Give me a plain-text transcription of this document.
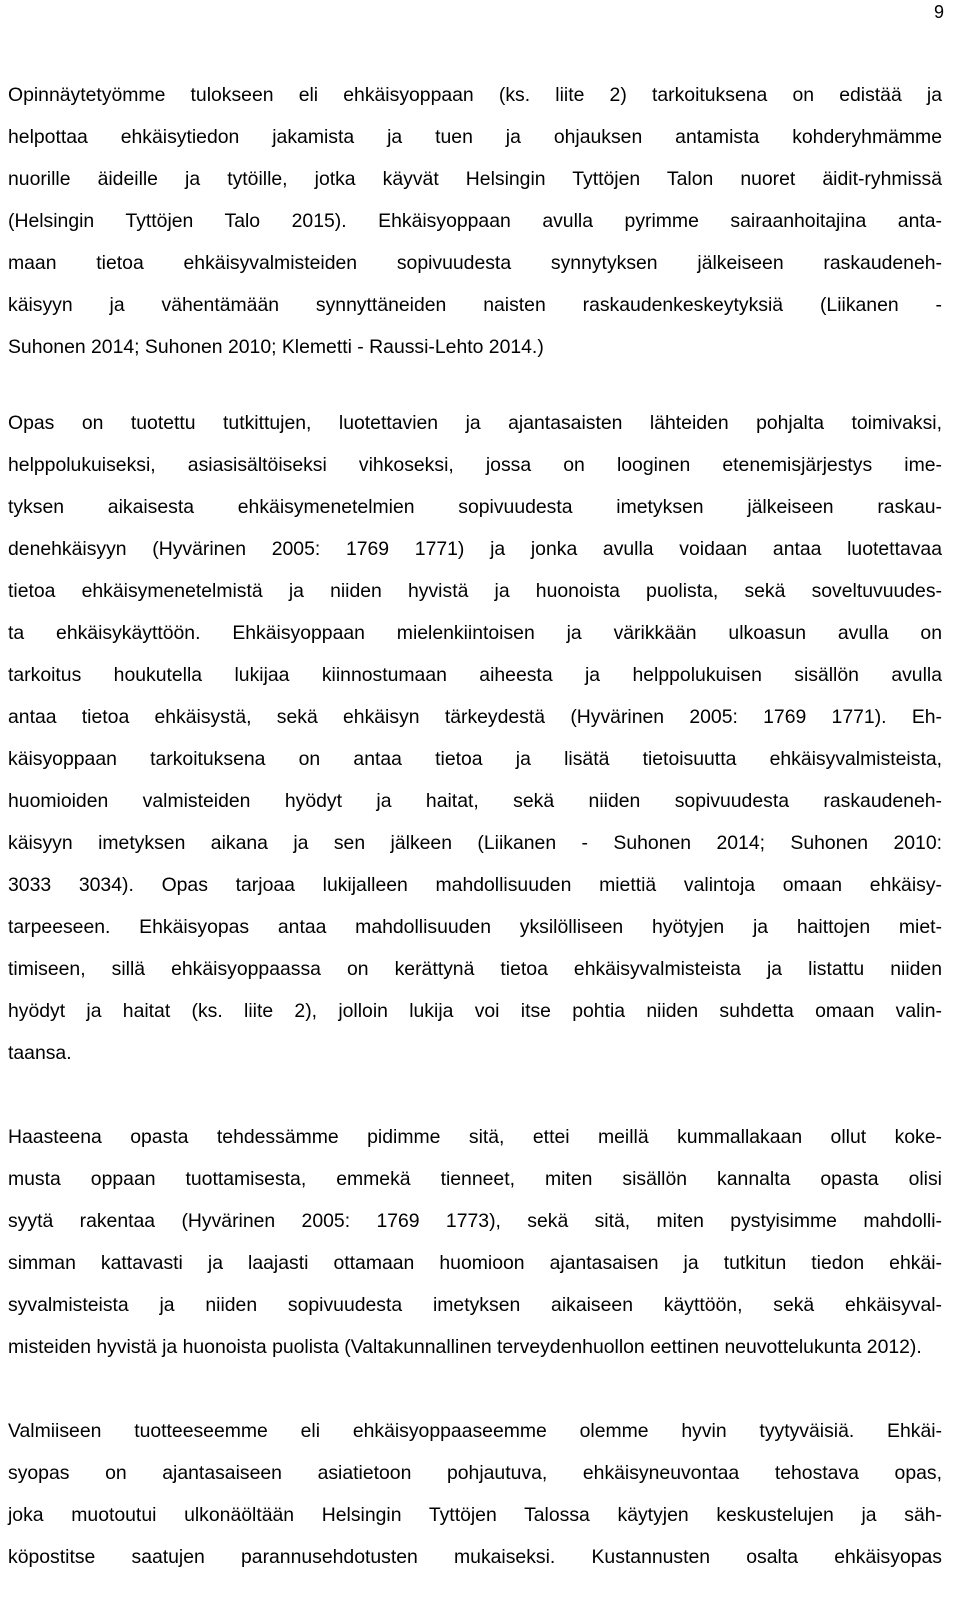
9
Opinnäytetyömme tulokseen eli ehkäisyoppaan (ks. liite 2) tarkoituksena on edistää ja
helpottaa ehkäisytiedon jakamista ja tuen ja ohjauksen antamista kohderyhmämme
nuorille äideille ja tytöille, jotka käyvät Helsingin Tyttöjen Talon nuoret äidit-ryhmissä
(Helsingin Tyttöjen Talo 2015). Ehkäisyoppaan avulla pyrimme sairaanhoitajina anta-
maan tietoa ehkäisyvalmisteiden sopivuudesta synnytyksen jälkeiseen raskaudeneh-
käisyyn ja vähentämään synnyttäneiden naisten raskaudenkeskeytyksiä (Liikanen -
Suhonen 2014; Suhonen 2010; Klemetti - Raussi-Lehto 2014.)
Opas on tuotettu tutkittujen, luotettavien ja ajantasaisten lähteiden pohjalta toimivaksi,
helppolukuiseksi, asiasisältöiseksi vihkoseksi, jossa on looginen etenemisjärjestys ime-
tyksen aikaisesta ehkäisymenetelmien sopivuudesta imetyksen jälkeiseen raskau-
denehkäisyyn (Hyvärinen 2005: 1769 1771) ja jonka avulla voidaan antaa luotettavaa
tietoa ehkäisymenetelmistä ja niiden hyvistä ja huonoista puolista, sekä soveltuvuudes-
ta ehkäisykäyttöön. Ehkäisyoppaan mielenkiintoisen ja värikkään ulkoasun avulla on
tarkoitus houkutella lukijaa kiinnostumaan aiheesta ja helppolukuisen sisällön avulla
antaa tietoa ehkäisystä, sekä ehkäisyn tärkeydestä (Hyvärinen 2005: 1769 1771). Eh-
käisyoppaan tarkoituksena on antaa tietoa ja lisätä tietoisuutta ehkäisyvalmisteista,
huomioiden valmisteiden hyödyt ja haitat, sekä niiden sopivuudesta raskaudeneh-
käisyyn imetyksen aikana ja sen jälkeen (Liikanen - Suhonen 2014; Suhonen 2010:
3033 3034). Opas tarjoaa lukijalleen mahdollisuuden miettiä valintoja omaan ehkäisy-
tarpeeseen. Ehkäisyopas antaa mahdollisuuden yksilölliseen hyötyjen ja haittojen miet-
timiseen, sillä ehkäisyoppaassa on kerättynä tietoa ehkäisyvalmisteista ja listattu niiden
hyödyt ja haitat (ks. liite 2), jolloin lukija voi itse pohtia niiden suhdetta omaan valin-
taansa.
Haasteena opasta tehdessämme pidimme sitä, ettei meillä kummallakaan ollut koke-
musta oppaan tuottamisesta, emmekä tienneet, miten sisällön kannalta opasta olisi
syytä rakentaa (Hyvärinen 2005: 1769 1773), sekä sitä, miten pystyisimme mahdolli-
simman kattavasti ja laajasti ottamaan huomioon ajantasaisen ja tutkitun tiedon ehkäi-
syvalmisteista ja niiden sopivuudesta imetyksen aikaiseen käyttöön, sekä ehkäisyval-
misteiden hyvistä ja huonoista puolista (Valtakunnallinen terveydenhuollon eettinen neuvottelukunta 2012).
Valmiiseen tuotteeseemme eli ehkäisyoppaaseemme olemme hyvin tyytyväisiä. Ehkäi-
syopas on ajantasaiseen asiatietoon pohjautuva, ehkäisyneuvontaa tehostava opas,
joka muotoutui ulkonäöltään Helsingin Tyttöjen Talossa käytyjen keskustelujen ja säh-
köpostitse saatujen parannusehdotusten mukaiseksi. Kustannusten osalta ehkäisyopas
